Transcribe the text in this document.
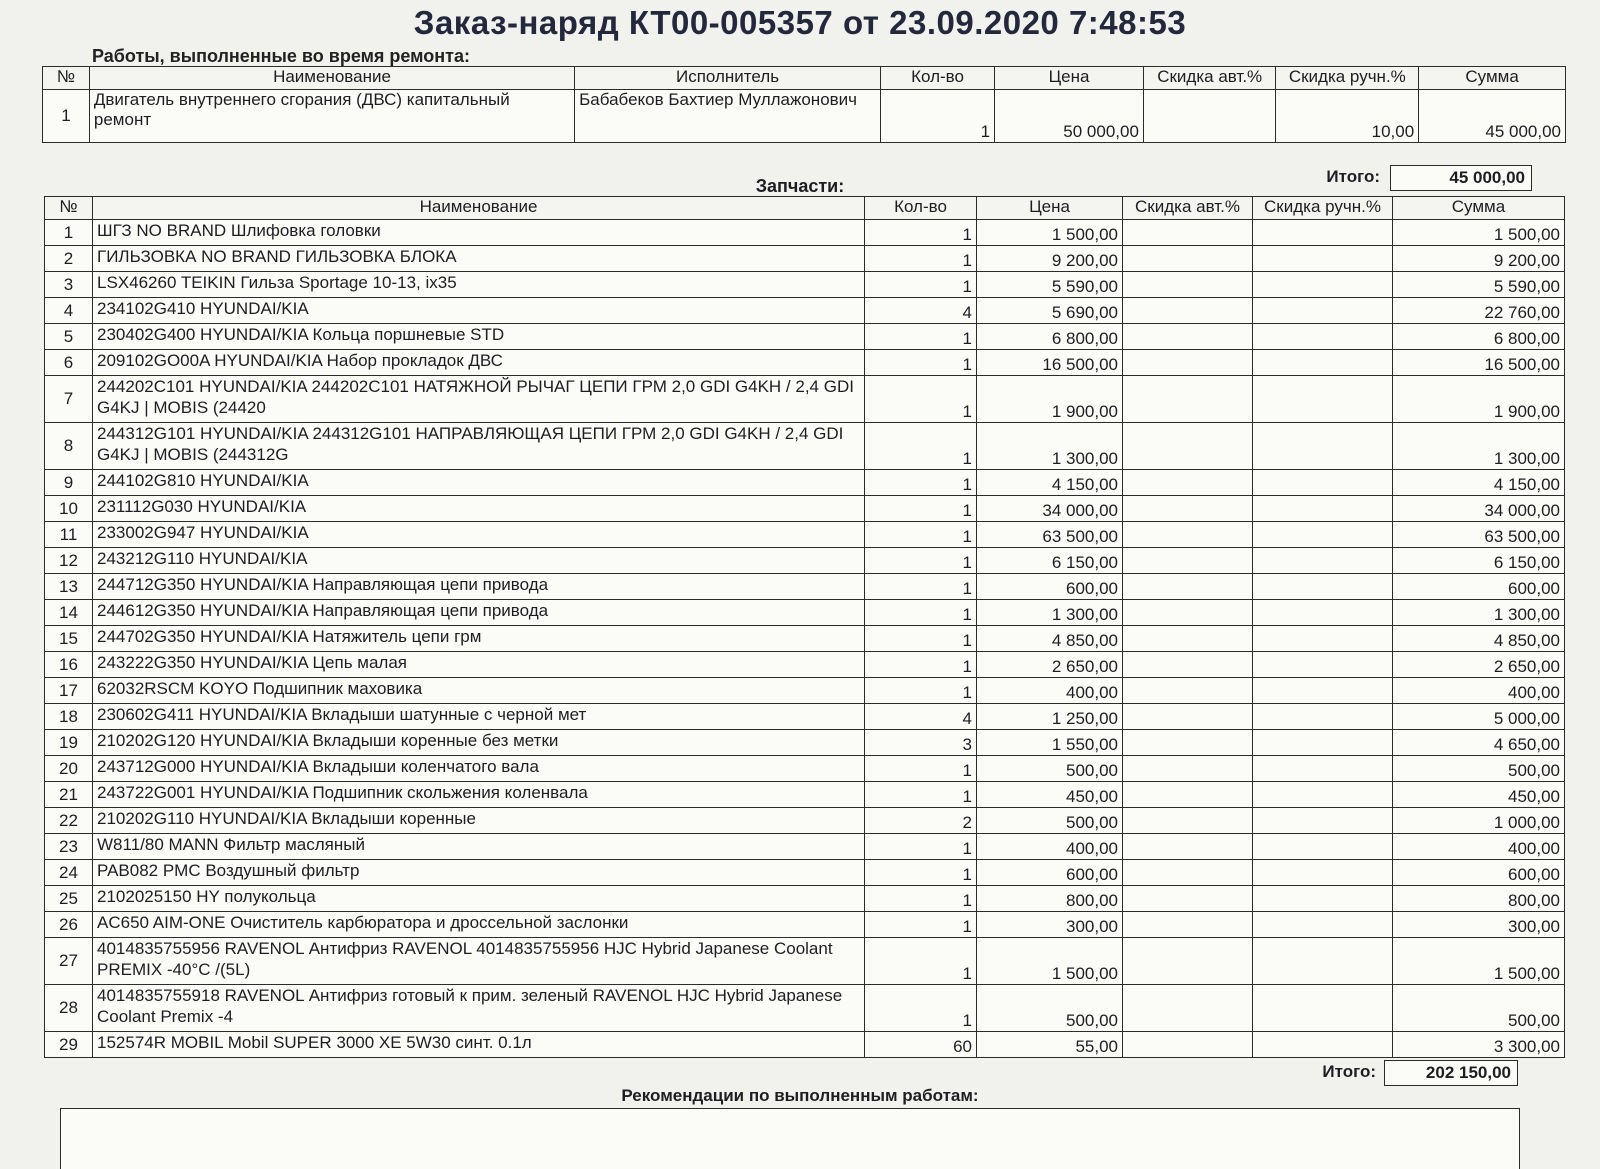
Заказ-наряд КТ00-005357 от 23.09.2020 7:48:53
Работы, выполненные во время ремонта:
№	Наименование	Исполнитель	Кол-во	Цена	Скидка авт.%	Скидка ручн.%	Сумма
1	Двигатель внутреннего сгорания (ДВС) капитальный ремонт	Бабабеков Бахтиер Муллажонович	1	50 000,00		10,00	45 000,00
Итого:	45 000,00
Запчасти:
№	Наименование	Кол-во	Цена	Скидка авт.%	Скидка ручн.%	Сумма
1	ШГЗ NO BRAND Шлифовка головки	1	1 500,00			1 500,00
2	ГИЛЬЗОВКА NO BRAND ГИЛЬЗОВКА БЛОКА	1	9 200,00			9 200,00
3	LSX46260 TEIKIN Гильза Sportage 10-13, ix35	1	5 590,00			5 590,00
4	234102G410 HYUNDAI/KIA	4	5 690,00			22 760,00
5	230402G400 HYUNDAI/KIA Кольца поршневые STD	1	6 800,00			6 800,00
6	209102GO00A HYUNDAI/KIA Набор прокладок ДВС	1	16 500,00			16 500,00
7	244202C101 HYUNDAI/KIA 244202C101 НАТЯЖНОЙ РЫЧАГ ЦЕПИ ГРМ 2,0 GDI G4KH / 2,4 GDI G4KJ | MOBIS (24420	1	1 900,00			1 900,00
8	244312G101 HYUNDAI/KIA 244312G101 НАПРАВЛЯЮЩАЯ ЦЕПИ ГРМ 2,0 GDI G4KH / 2,4 GDI G4KJ | MOBIS (244312G	1	1 300,00			1 300,00
9	244102G810 HYUNDAI/KIA	1	4 150,00			4 150,00
10	231112G030 HYUNDAI/KIA	1	34 000,00			34 000,00
11	233002G947 HYUNDAI/KIA	1	63 500,00			63 500,00
12	243212G110 HYUNDAI/KIA	1	6 150,00			6 150,00
13	244712G350 HYUNDAI/KIA Направляющая цепи привода	1	600,00			600,00
14	244612G350 HYUNDAI/KIA Направляющая цепи привода	1	1 300,00			1 300,00
15	244702G350 HYUNDAI/KIA Натяжитель цепи грм	1	4 850,00			4 850,00
16	243222G350 HYUNDAI/KIA Цепь малая	1	2 650,00			2 650,00
17	62032RSCM KOYO Подшипник маховика	1	400,00			400,00
18	230602G411 HYUNDAI/KIA Вкладыши шатунные с черной мет	4	1 250,00			5 000,00
19	210202G120 HYUNDAI/KIA Вкладыши коренные без метки	3	1 550,00			4 650,00
20	243712G000 HYUNDAI/KIA Вкладыши коленчатого вала	1	500,00			500,00
21	243722G001 HYUNDAI/KIA Подшипник скольжения коленвала	1	450,00			450,00
22	210202G110 HYUNDAI/KIA Вкладыши коренные	2	500,00			1 000,00
23	W811/80 MANN Фильтр масляный	1	400,00			400,00
24	PAB082 PMC Воздушный фильтр	1	600,00			600,00
25	2102025150 HY полукольца	1	800,00			800,00
26	AC650 AIM-ONE Очиститель карбюратора и дроссельной заслонки	1	300,00			300,00
27	4014835755956 RAVENOL Антифриз RAVENOL 4014835755956 HJC Hybrid Japanese Coolant PREMIX -40°C /(5L)	1	1 500,00			1 500,00
28	4014835755918 RAVENOL Антифриз готовый к прим. зеленый RAVENOL HJC Hybrid Japanese Coolant Premix -4	1	500,00			500,00
29	152574R MOBIL Mobil SUPER 3000 XE 5W30 синт. 0.1л	60	55,00			3 300,00
Итого:	202 150,00
Рекомендации по выполненным работам:
